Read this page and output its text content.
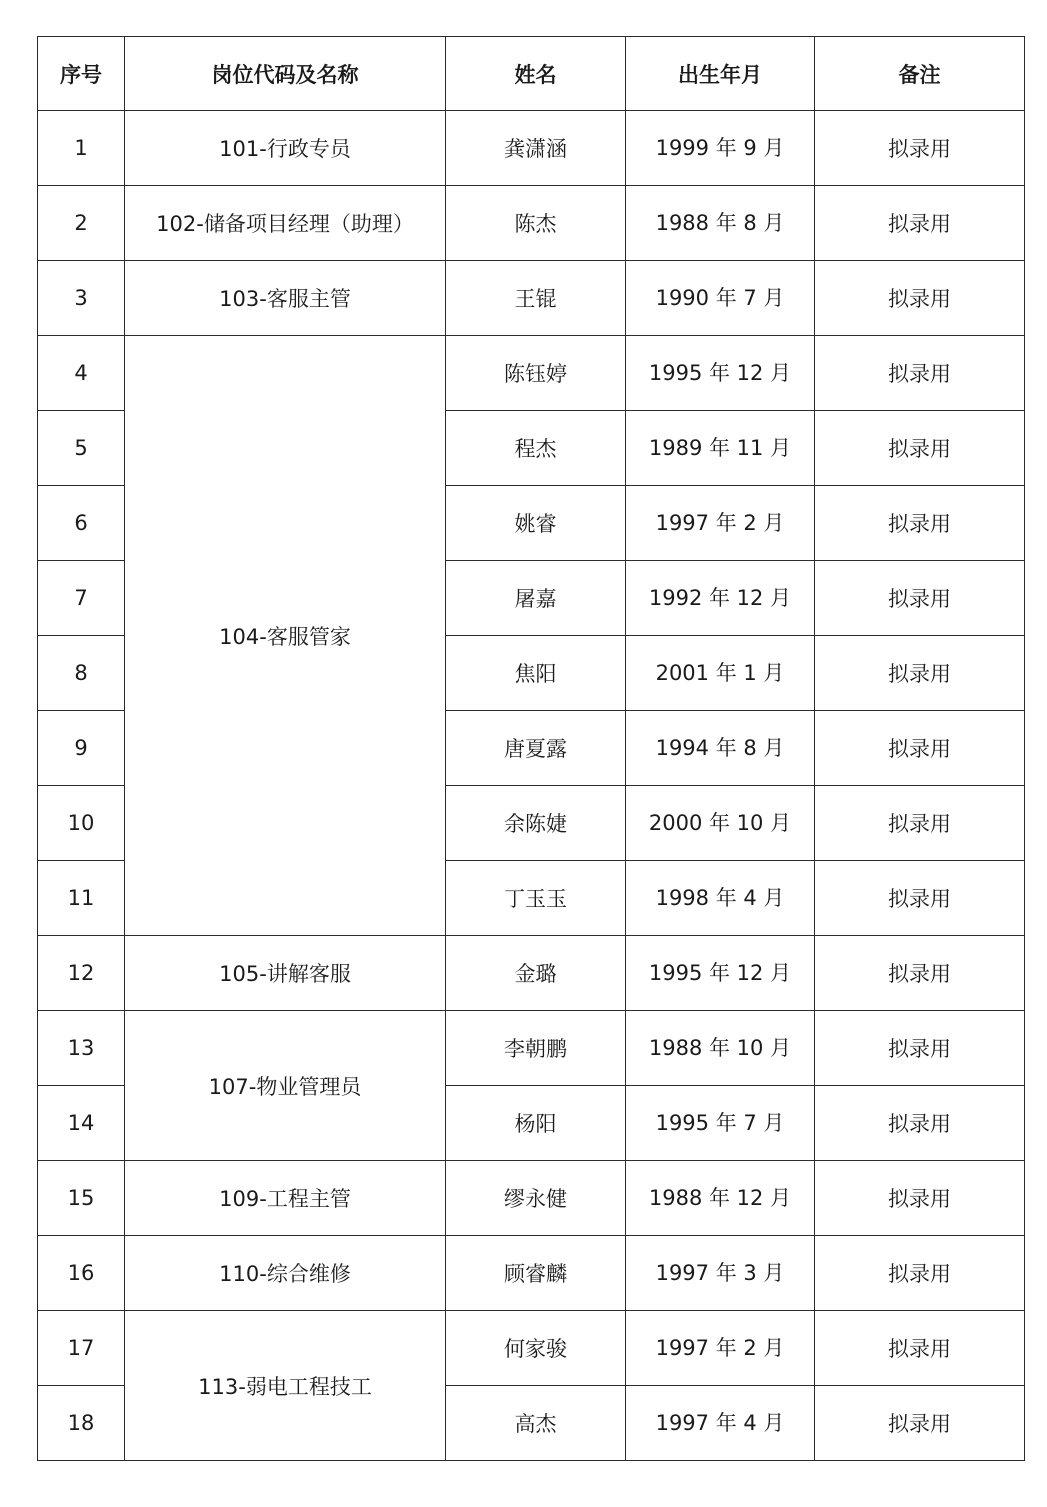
序号	岗位代码及名称	姓名	出生年月	备注
1	101-行政专员	龚潇涵	1999 年 9 月	拟录用
2	102-储备项目经理（助理）	陈杰	1988 年 8 月	拟录用
3	103-客服主管	王锟	1990 年 7 月	拟录用
4	104-客服管家	陈钰婷	1995 年 12 月	拟录用
5		程杰	1989 年 11 月	拟录用
6		姚睿	1997 年 2 月	拟录用
7		屠嘉	1992 年 12 月	拟录用
8		焦阳	2001 年 1 月	拟录用
9		唐夏露	1994 年 8 月	拟录用
10		余陈婕	2000 年 10 月	拟录用
11		丁玉玉	1998 年 4 月	拟录用
12	105-讲解客服	金璐	1995 年 12 月	拟录用
13	107-物业管理员	李朝鹏	1988 年 10 月	拟录用
14		杨阳	1995 年 7 月	拟录用
15	109-工程主管	缪永健	1988 年 12 月	拟录用
16	110-综合维修	顾睿麟	1997 年 3 月	拟录用
17	113-弱电工程技工	何家骏	1997 年 2 月	拟录用
18		高杰	1997 年 4 月	拟录用
